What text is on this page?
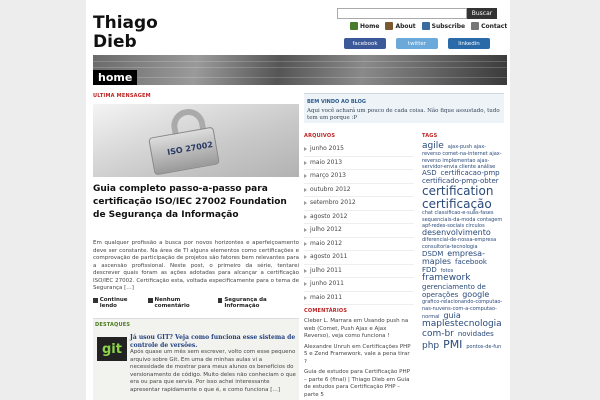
Thiago
Dieb
Buscar
Home	About	Subscribe	Contact
facebook	twitter	linkedin
home
ULTIMA MENSAGEM
ISO 27002
Guia completo passo-a-passo para certificação ISO/IEC 27002 Foundation de Segurança da Informação
Em qualquer profissão a busca por novos horizontes e aperfeiçoamento deve ser constante. Na área de TI alguns elementos como certificações e comprovação de participação de projetos são fatores bem relevantes para a ascensão profissional. Neste post, o primeiro da série, tentarei descrever quais foram as ações adotadas para alcançar a certificação ISO/IEC 27002. Certificação esta, voltada especificamente para o tema de Segurança […]
Continue lendo
Nenhum comentário
Segurança da Informação
DESTAQUES
git
Já usou GIT? Veja como funciona esse sistema de controle de versões.
Após quase um mês sem escrever, volto com esse pequeno arquivo sobre Git. Em uma de minhas aulas vi a necessidade de mostrar para meus alunos os benefícios do versionamento de código. Muito deles não conheciam o que era ou para que servia. Por isso achei interessante apresentar rapidamente o que é, e como funciona […]
BEM VINDO AO BLOG
Aqui você achará um pouco de cada coisa. Não fique assustado, tudo tem um porque :P
ARQUIVOS
junho 2015
maio 2013
março 2013
outubro 2012
setembro 2012
agosto 2012
julho 2012
maio 2012
agosto 2011
julho 2011
junho 2011
maio 2011
COMENTÁRIOS
Cleber L. Marrara em Usando push na web (Comet, Push Ajax e Ajax Reverso), veja como funciona !
Alexandre Unruh em Certificações PHP 5 e Zend Framework, vale a pena tirar ?
Guia de estudos para Certificação PHP – parte 6 (final) | Thiago Dieb em Guia de estudos para Certificação PHP – parte 5
TAGS
agile ajax-push ajax-reverso comet-na-internet ajax-reverso implementao ajax-servidor-envia cliente análise ASD certificacao-pmp certificado-pmp-obter certification certificação chat classificao-e-suas-fases sequenciais-da-moda contagem apf-redes-sociais círculos desenvolvimento diferencial-de-nossa-empresa consultoria-tecnologia DSDM empresa-maples facebook FDD fotos framework gerenciamento de operações google grafico-relacionando-computao-nas-nuvens-com-a-computao-normal guia maplestecnologia com-br novidades php PMI pontos-de-fun
